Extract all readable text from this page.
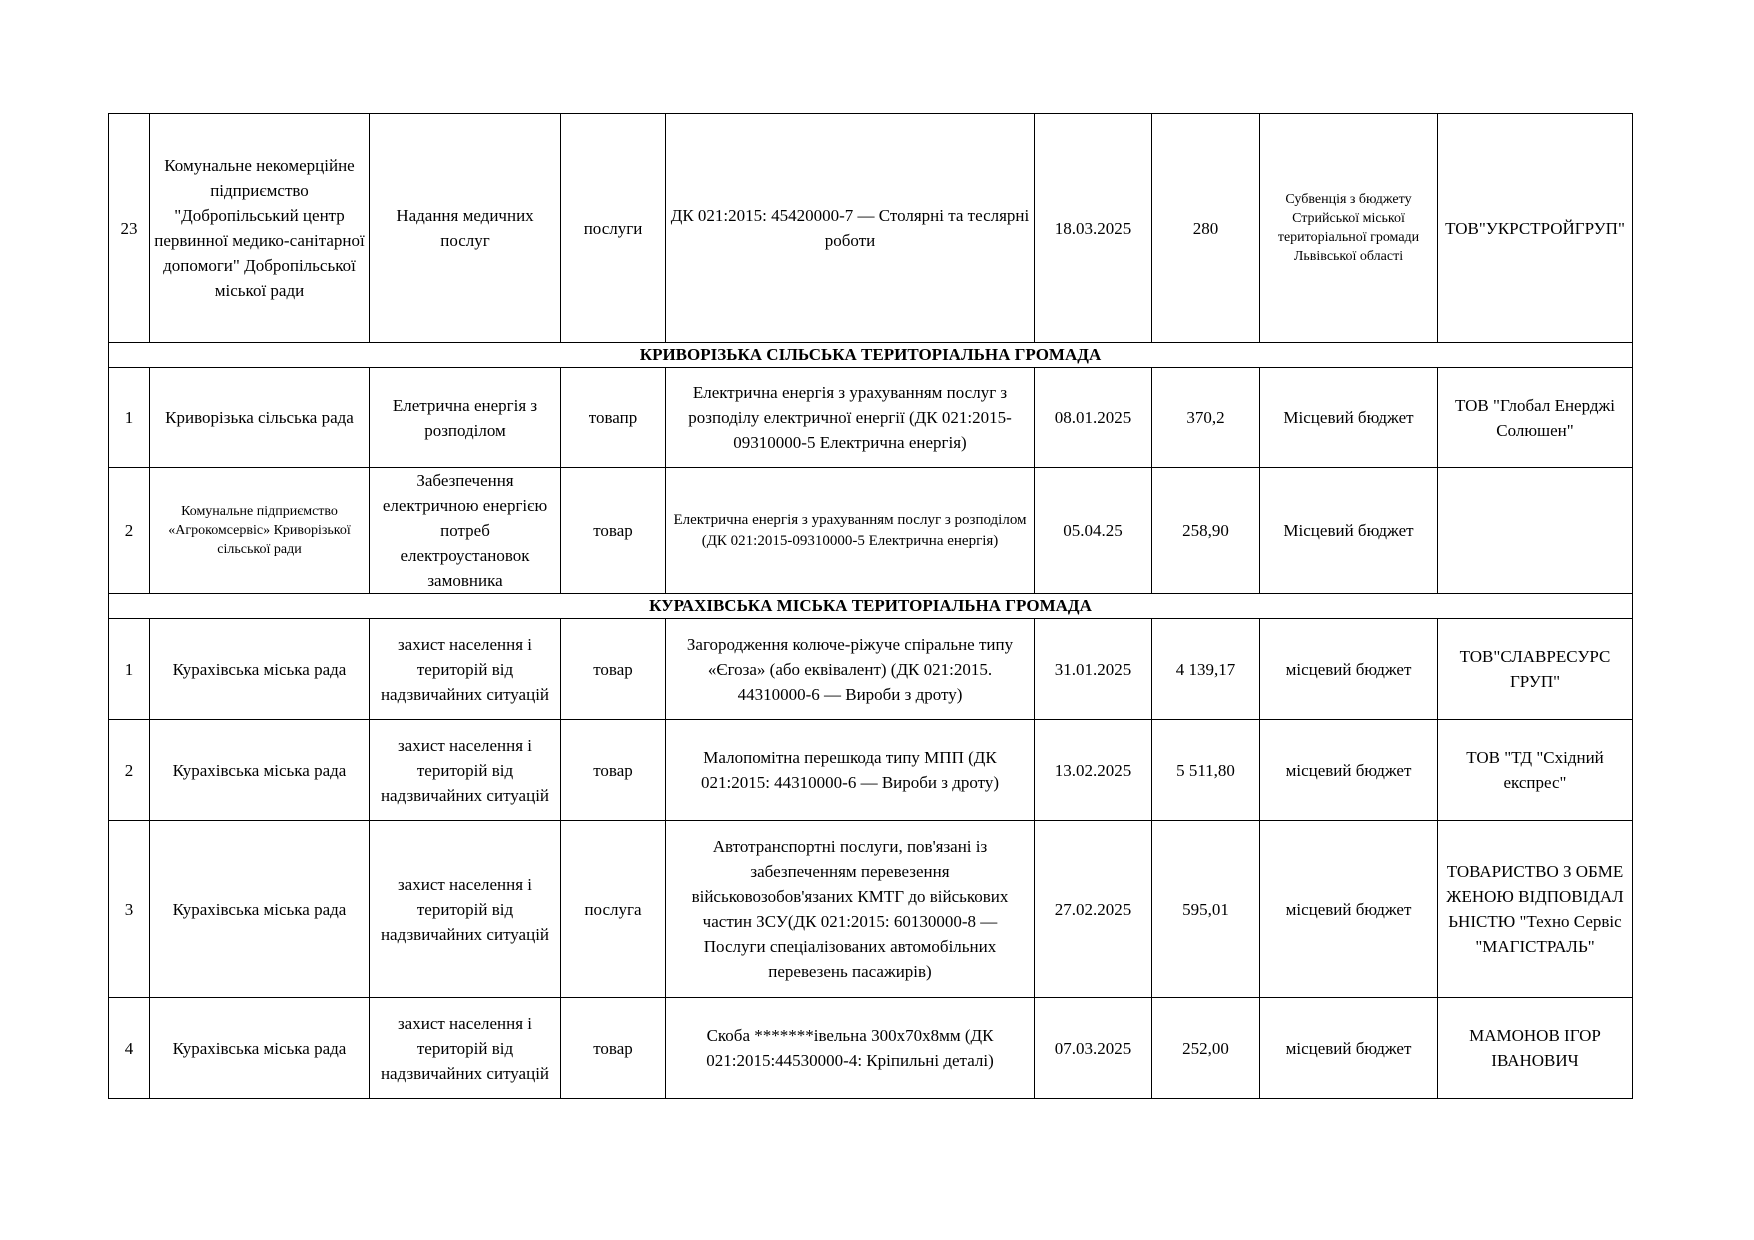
23	Комунальне некомерційне підприємство "Добропільський центр первинної медико-санітарної допомоги" Добропільської міської ради	Надання медичних послуг	послуги	ДК 021:2015: 45420000-7 — Столярні та теслярні роботи	18.03.2025	280	Субвенція з бюджету Стрийської міської територіальної громади Львівської області	ТОВ"УКРСТРОЙГРУП"
КРИВОРІЗЬКА СІЛЬСЬКА ТЕРИТОРІАЛЬНА ГРОМАДА								
1	Криворізька сільська рада	Елетрична енергія з розподілом	товапр	Електрична енергія з урахуванням послуг з розподілу електричної енергії (ДК 021:2015-09310000-5 Електрична енергія)	08.01.2025	370,2	Місцевий бюджет	ТОВ "Глобал Енерджі Солюшен"
2	Комунальне підприємство «Агрокомсервіс» Криворізької сільської ради	Забезпечення електричною енергією потреб електроустановок замовника	товар	Електрична енергія з урахуванням послуг з розподілом (ДК 021:2015-09310000-5 Електрична енергія)	05.04.25	258,90	Місцевий бюджет	
КУРАХІВСЬКА МІСЬКА ТЕРИТОРІАЛЬНА ГРОМАДА								
1	Курахівська міська рада	захист населення і територій від надзвичайних ситуацій	товар	Загородження колюче-ріжуче спіральне типу «Єгоза» (або еквівалент) (ДК 021:2015. 44310000-6 — Вироби з дроту)	31.01.2025	4 139,17	місцевий бюджет	ТОВ"СЛАВРЕСУРС ГРУП"
2	Курахівська міська рада	захист населення і територій від надзвичайних ситуацій	товар	Малопомітна перешкода типу МПП (ДК 021:2015: 44310000-6 — Вироби з дроту)	13.02.2025	5 511,80	місцевий бюджет	ТОВ "ТД "Східний експрес"
3	Курахівська міська рада	захист населення і територій від надзвичайних ситуацій	послуга	Автотранспортні послуги, пов'язані із забезпеченням перевезення військовозобов'язаних КМТГ до військових частин ЗСУ(ДК 021:2015: 60130000-8 — Послуги спеціалізованих автомобільних перевезень пасажирів)	27.02.2025	595,01	місцевий бюджет	ТОВАРИСТВО З ОБМЕЖЕНОЮ ВІДПОВІДАЛЬНІСТЮ "Техно Сервіс "МАГІСТРАЛЬ"
4	Курахівська міська рада	захист населення і територій від надзвичайних ситуацій	товар	Скоба *******івельна 300х70х8мм (ДК 021:2015:44530000-4: Кріпильні деталі)	07.03.2025	252,00	місцевий бюджет	МАМОНОВ ІГОР ІВАНОВИЧ
